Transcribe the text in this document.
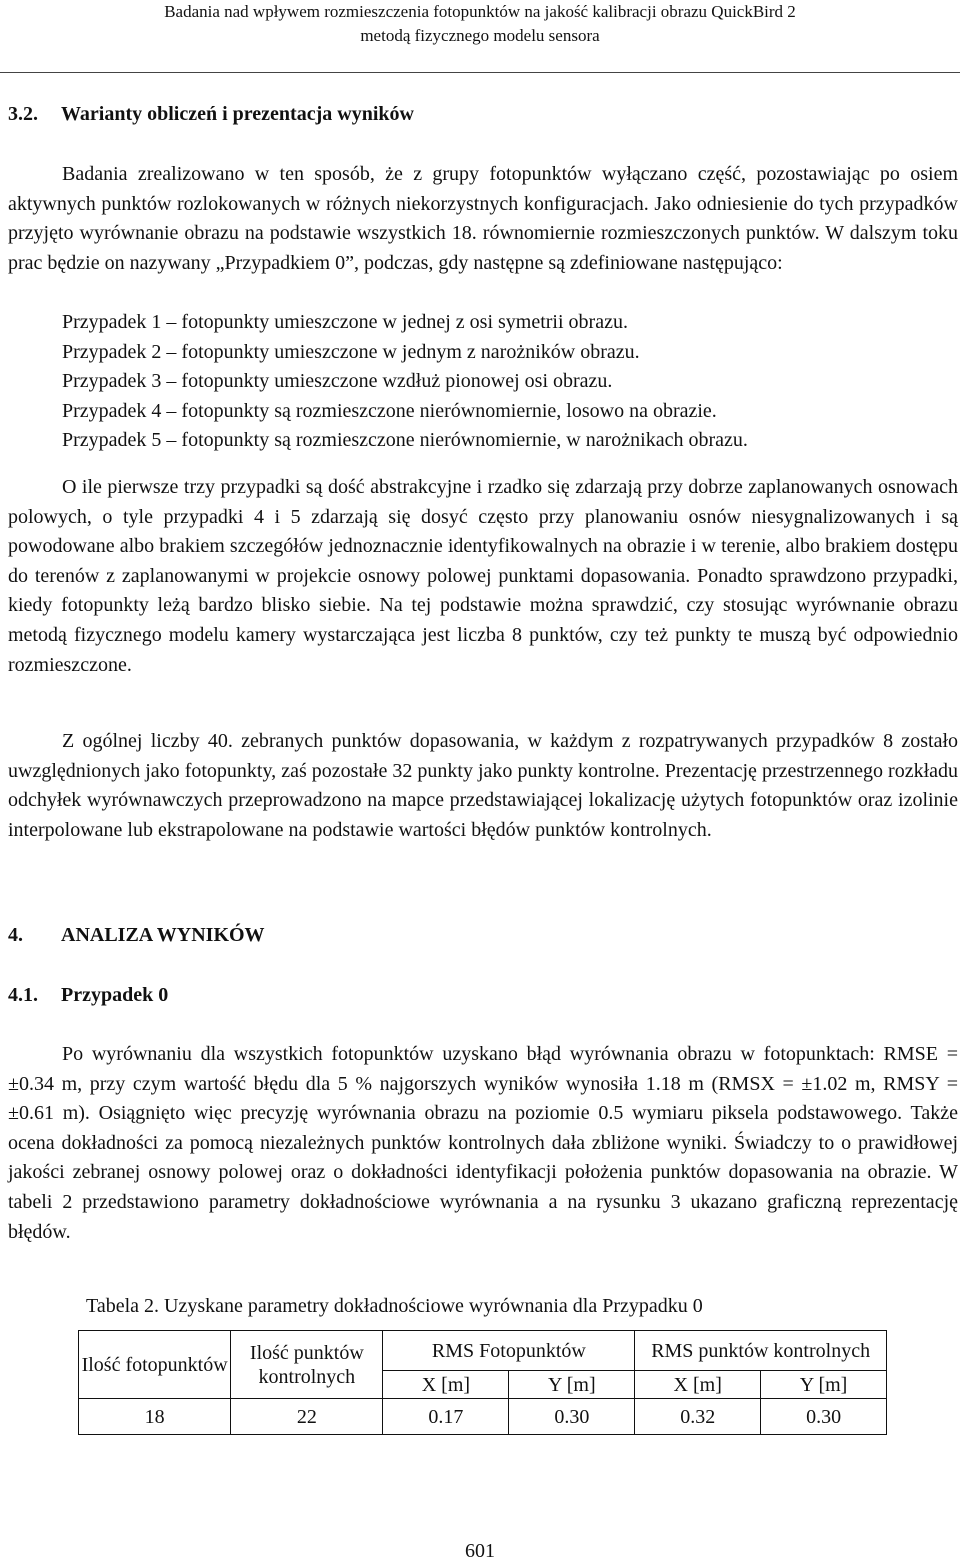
Badania nad wpływem rozmieszczenia fotopunktów na jakość kalibracji obrazu QuickBird 2
metodą fizycznego modelu sensora
3.2. Warianty obliczeń i prezentacja wyników
Badania zrealizowano w ten sposób, że z grupy fotopunktów wyłączano część, pozostawiając po osiem aktywnych punktów rozlokowanych w różnych niekorzystnych konfiguracjach. Jako odniesienie do tych przypadków przyjęto wyrównanie obrazu na podstawie wszystkich 18. równomiernie rozmieszczonych punktów. W dalszym toku prac będzie on nazywany „Przypadkiem 0”, podczas, gdy następne są zdefiniowane następująco:
Przypadek 1 – fotopunkty umieszczone w jednej z osi symetrii obrazu.
Przypadek 2 – fotopunkty umieszczone w jednym z narożników obrazu.
Przypadek 3 – fotopunkty umieszczone wzdłuż pionowej osi obrazu.
Przypadek 4 – fotopunkty są rozmieszczone nierównomiernie, losowo na obrazie.
Przypadek 5 – fotopunkty są rozmieszczone nierównomiernie, w narożnikach obrazu.
O ile pierwsze trzy przypadki są dość abstrakcyjne i rzadko się zdarzają przy dobrze zaplanowanych osnowach polowych, o tyle przypadki 4 i 5 zdarzają się dosyć często przy planowaniu osnów niesygnalizowanych i są powodowane albo brakiem szczegółów jednoznacznie identyfikowalnych na obrazie i w terenie, albo brakiem dostępu do terenów z zaplanowanymi w projekcie osnowy polowej punktami dopasowania. Ponadto sprawdzono przypadki, kiedy fotopunkty leżą bardzo blisko siebie. Na tej podstawie można sprawdzić, czy stosując wyrównanie obrazu metodą fizycznego modelu kamery wystarczająca jest liczba 8 punktów, czy też punkty te muszą być odpowiednio rozmieszczone.
Z ogólnej liczby 40. zebranych punktów dopasowania, w każdym z rozpatrywanych przypadków 8 zostało uwzględnionych jako fotopunkty, zaś pozostałe 32 punkty jako punkty kontrolne. Prezentację przestrzennego rozkładu odchyłek wyrównawczych przeprowadzono na mapce przedstawiającej lokalizację użytych fotopunktów oraz izolinie interpolowane lub ekstrapolowane na podstawie wartości błędów punktów kontrolnych.
4. ANALIZA WYNIKÓW
4.1. Przypadek 0
Po wyrównaniu dla wszystkich fotopunktów uzyskano błąd wyrównania obrazu w fotopunktach: RMSE = ±0.34 m, przy czym wartość błędu dla 5 % najgorszych wyników wynosiła 1.18 m (RMSX = ±1.02 m, RMSY = ±0.61 m). Osiągnięto więc precyzję wyrównania obrazu na poziomie 0.5 wymiaru piksela podstawowego. Także ocena dokładności za pomocą niezależnych punktów kontrolnych dała zbliżone wyniki. Świadczy to o prawidłowej jakości zebranej osnowy polowej oraz o dokładności identyfikacji położenia punktów dopasowania na obrazie. W tabeli 2 przedstawiono parametry dokładnościowe wyrównania a na rysunku 3 ukazano graficzną reprezentację błędów.
Tabela 2. Uzyskane parametry dokładnościowe wyrównania dla Przypadku 0
Ilość fotopunktów	Ilość punktów kontrolnych	RMS Fotopunktów		RMS punktów kontrolnych	
		X [m]	Y [m]	X [m]	Y [m]
18	22	0.17	0.30	0.32	0.30
601
